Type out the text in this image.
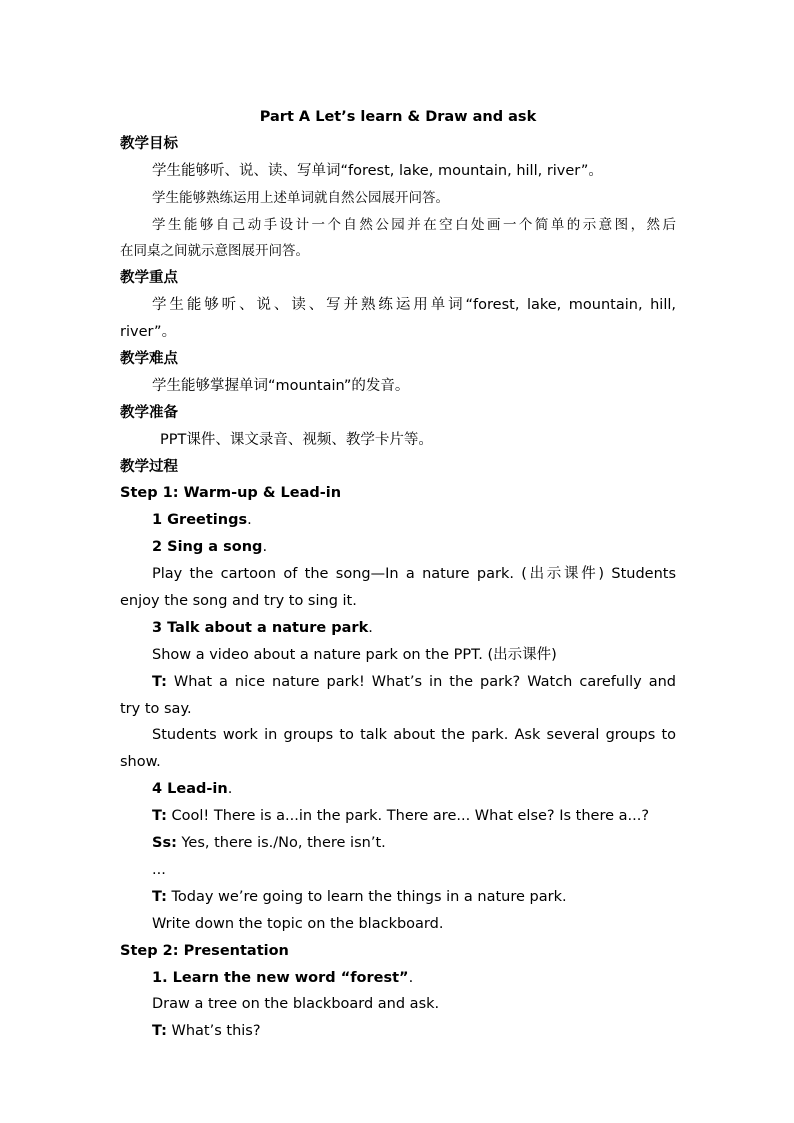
Part A Let’s learn & Draw and ask
教学目标
学生能够听、说、读、写单词“forest, lake, mountain, hill, river”。
学生能够熟练运用上述单词就自然公园展开问答。
学生能够自己动手设计一个自然公园并在空白处画一个简单的示意图，然后
在同桌之间就示意图展开问答。
教学重点
学生能够听、说、读、写并熟练运用单词“forest, lake, mountain, hill,
river”。
教学难点
学生能够掌握单词“mountain”的发音。
教学准备
PPT课件、课文录音、视频、教学卡片等。
教学过程
Step 1: Warm-up & Lead-in
1 Greetings.
2 Sing a song.
Play the cartoon of the song—In a nature park. (出示课件) Students
enjoy the song and try to sing it.
3 Talk about a nature park.
Show a video about a nature park on the PPT. (出示课件)
T: What a nice nature park! What’s in the park? Watch carefully and
try to say.
Students work in groups to talk about the park. Ask several groups to
show.
4 Lead-in.
T: Cool! There is a...in the park. There are... What else? Is there a...?
Ss: Yes, there is./No, there isn’t.
...
T: Today we’re going to learn the things in a nature park.
Write down the topic on the blackboard.
Step 2: Presentation
1. Learn the new word “forest”.
Draw a tree on the blackboard and ask.
T: What’s this?
